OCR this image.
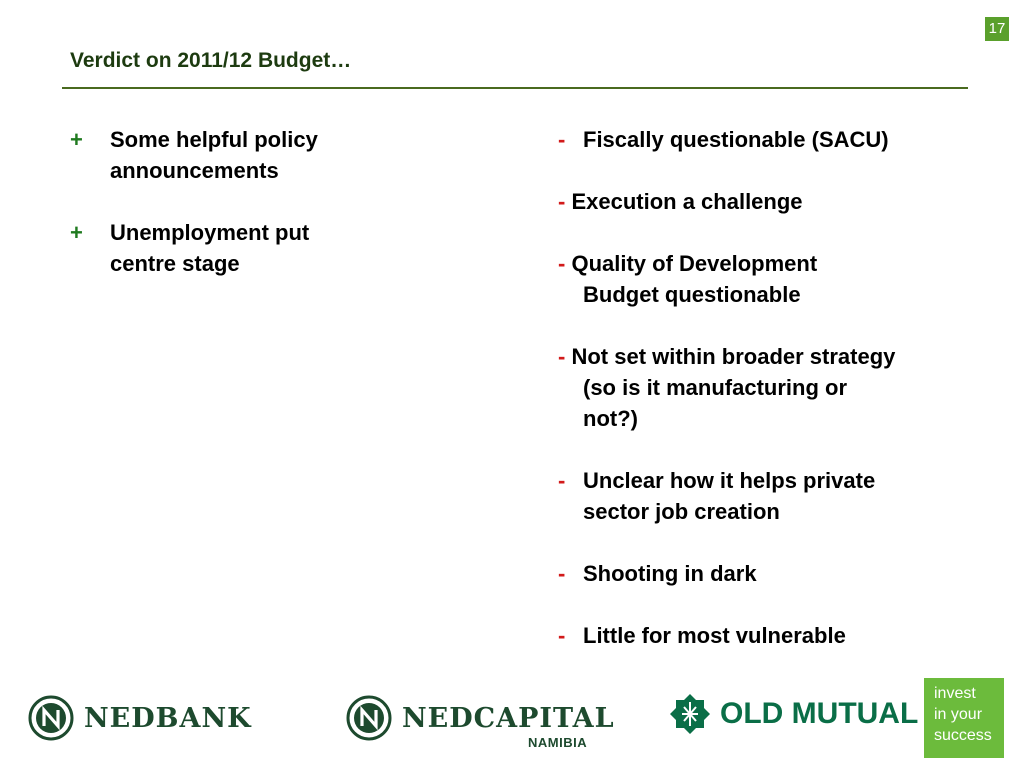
17
Verdict on 2011/12 Budget…
+ Some helpful policy
announcements
+ Unemployment put
centre stage
- Fiscally questionable (SACU)
- Execution a challenge
- Quality of Development
Budget questionable
- Not set within broader strategy
(so is it manufacturing or
not?)
- Unclear how it helps private
sector job creation
- Shooting in dark
- Little for most vulnerable
NEDBANK	NEDCAPITAL
NAMIBIA
OLD MUTUAL
invest
in your
success
